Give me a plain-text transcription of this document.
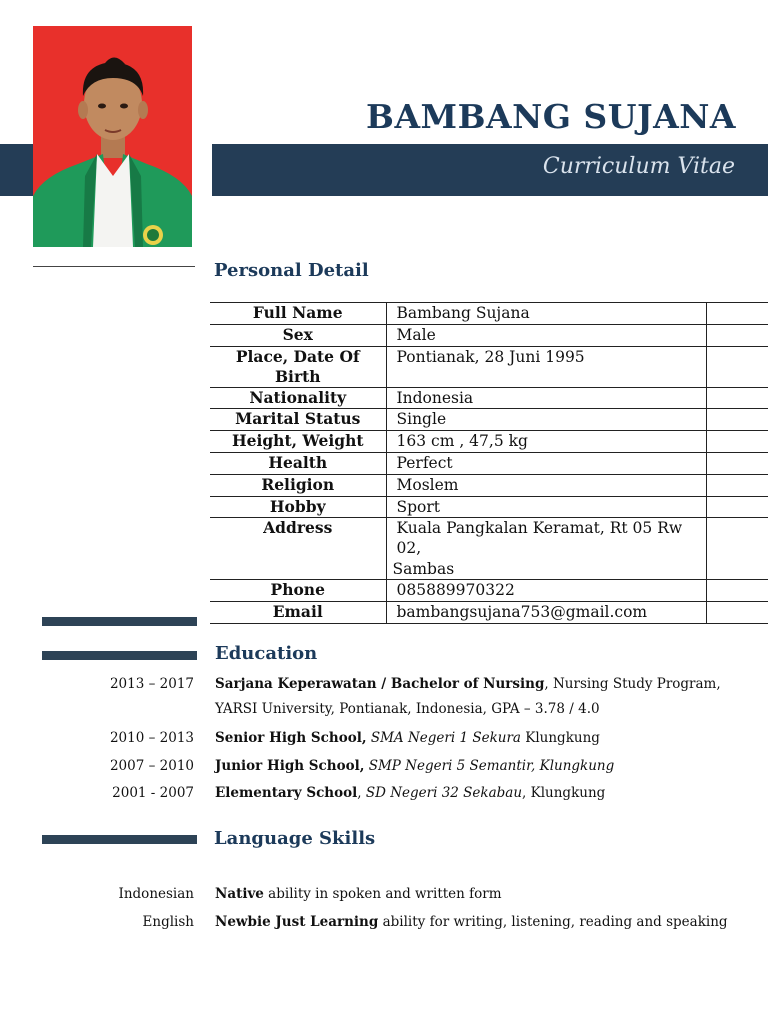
BAMBANG SUJANA
Curriculum Vitae
Personal Detail
Full Name	Bambang Sujana	
Sex	Male	
Place, Date Of Birth	Pontianak, 28 Juni 1995	
Nationality	Indonesia	
Marital Status	Single	
Height, Weight	163 cm , 47,5 kg	
Health	Perfect	
Religion	Moslem	
Hobby	Sport	
Address	Kuala Pangkalan Keramat, Rt 05 Rw 02,
Sambas	

Phone	085889970322	
Email	bambangsujana753@gmail.com	
Education
2013 – 2017 Sarjana Keperawatan / Bachelor of Nursing, Nursing Study Program,
YARSI University, Pontianak, Indonesia, GPA – 3.78 / 4.0
2010 – 2013 Senior High School, SMA Negeri 1 Sekura Klungkung
2007 – 2010 Junior High School, SMP Negeri 5 Semantir, Klungkung
2001 - 2007 Elementary School, SD Negeri 32 Sekabau, Klungkung
Language Skills
Indonesian Native ability in spoken and written form
English Newbie Just Learning ability for writing, listening, reading and speaking
